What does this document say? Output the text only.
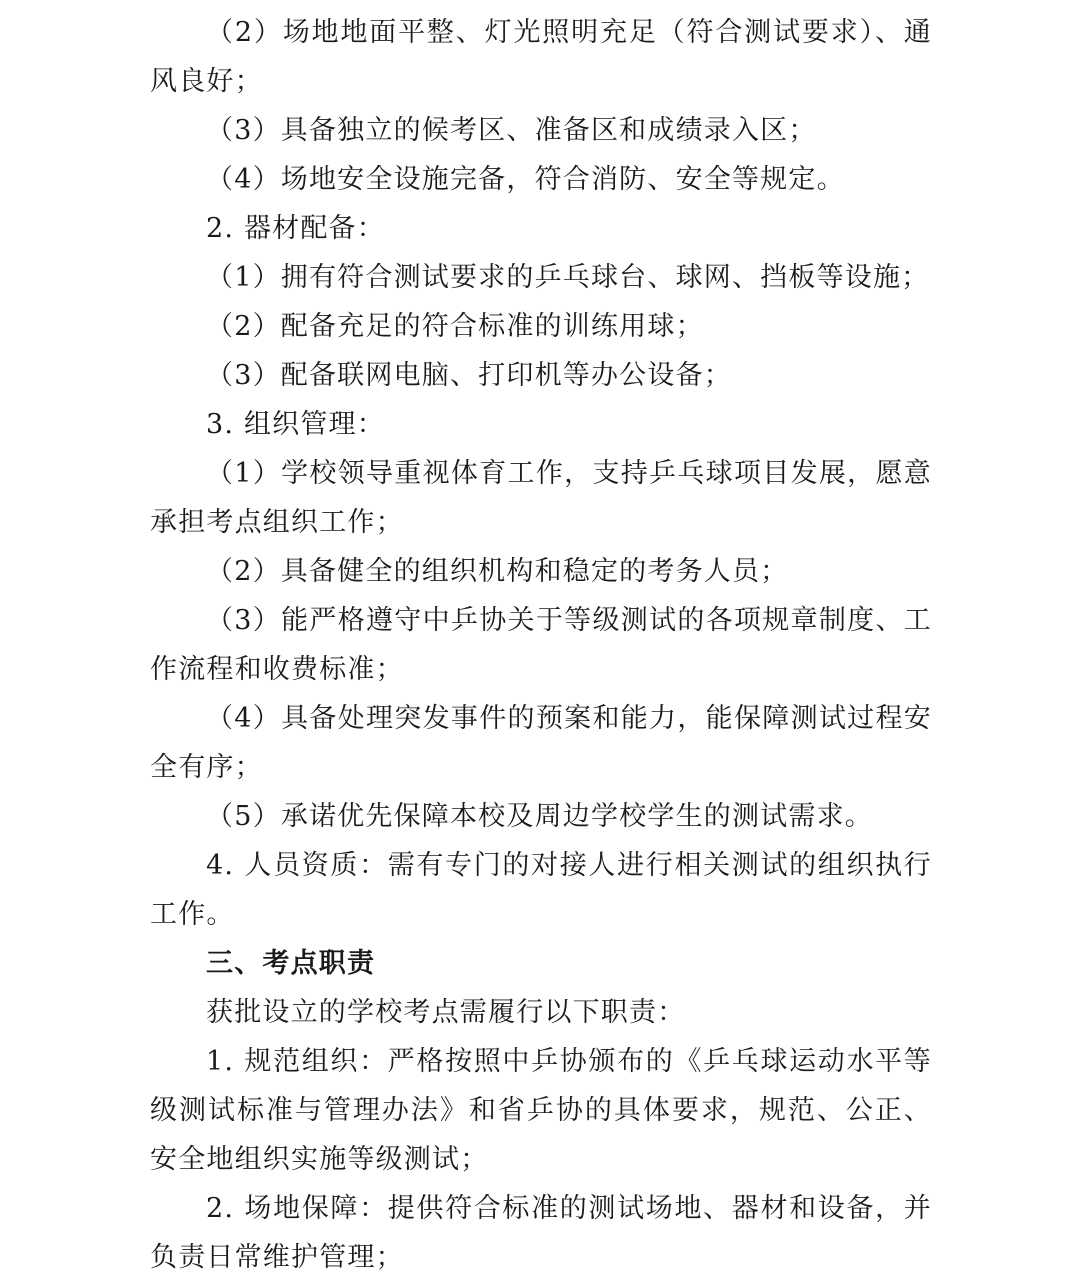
（2）场地地面平整、灯光照明充足（符合测试要求）、通风良好；

（3）具备独立的候考区、准备区和成绩录入区；

（4）场地安全设施完备，符合消防、安全等规定。

2. 器材配备：

（1）拥有符合测试要求的乒乓球台、球网、挡板等设施；

（2）配备充足的符合标准的训练用球；

（3）配备联网电脑、打印机等办公设备；

3. 组织管理：

（1）学校领导重视体育工作，支持乒乓球项目发展，愿意承担考点组织工作；

（2）具备健全的组织机构和稳定的考务人员；

（3）能严格遵守中乒协关于等级测试的各项规章制度、工作流程和收费标准；

（4）具备处理突发事件的预案和能力，能保障测试过程安全有序；

（5）承诺优先保障本校及周边学校学生的测试需求。

4. 人员资质：需有专门的对接人进行相关测试的组织执行工作。

三、考点职责

获批设立的学校考点需履行以下职责：

1. 规范组织：严格按照中乒协颁布的《乒乓球运动水平等级测试标准与管理办法》和省乒协的具体要求，规范、公正、安全地组织实施等级测试；

2. 场地保障：提供符合标准的测试场地、器材和设备，并负责日常维护管理；
